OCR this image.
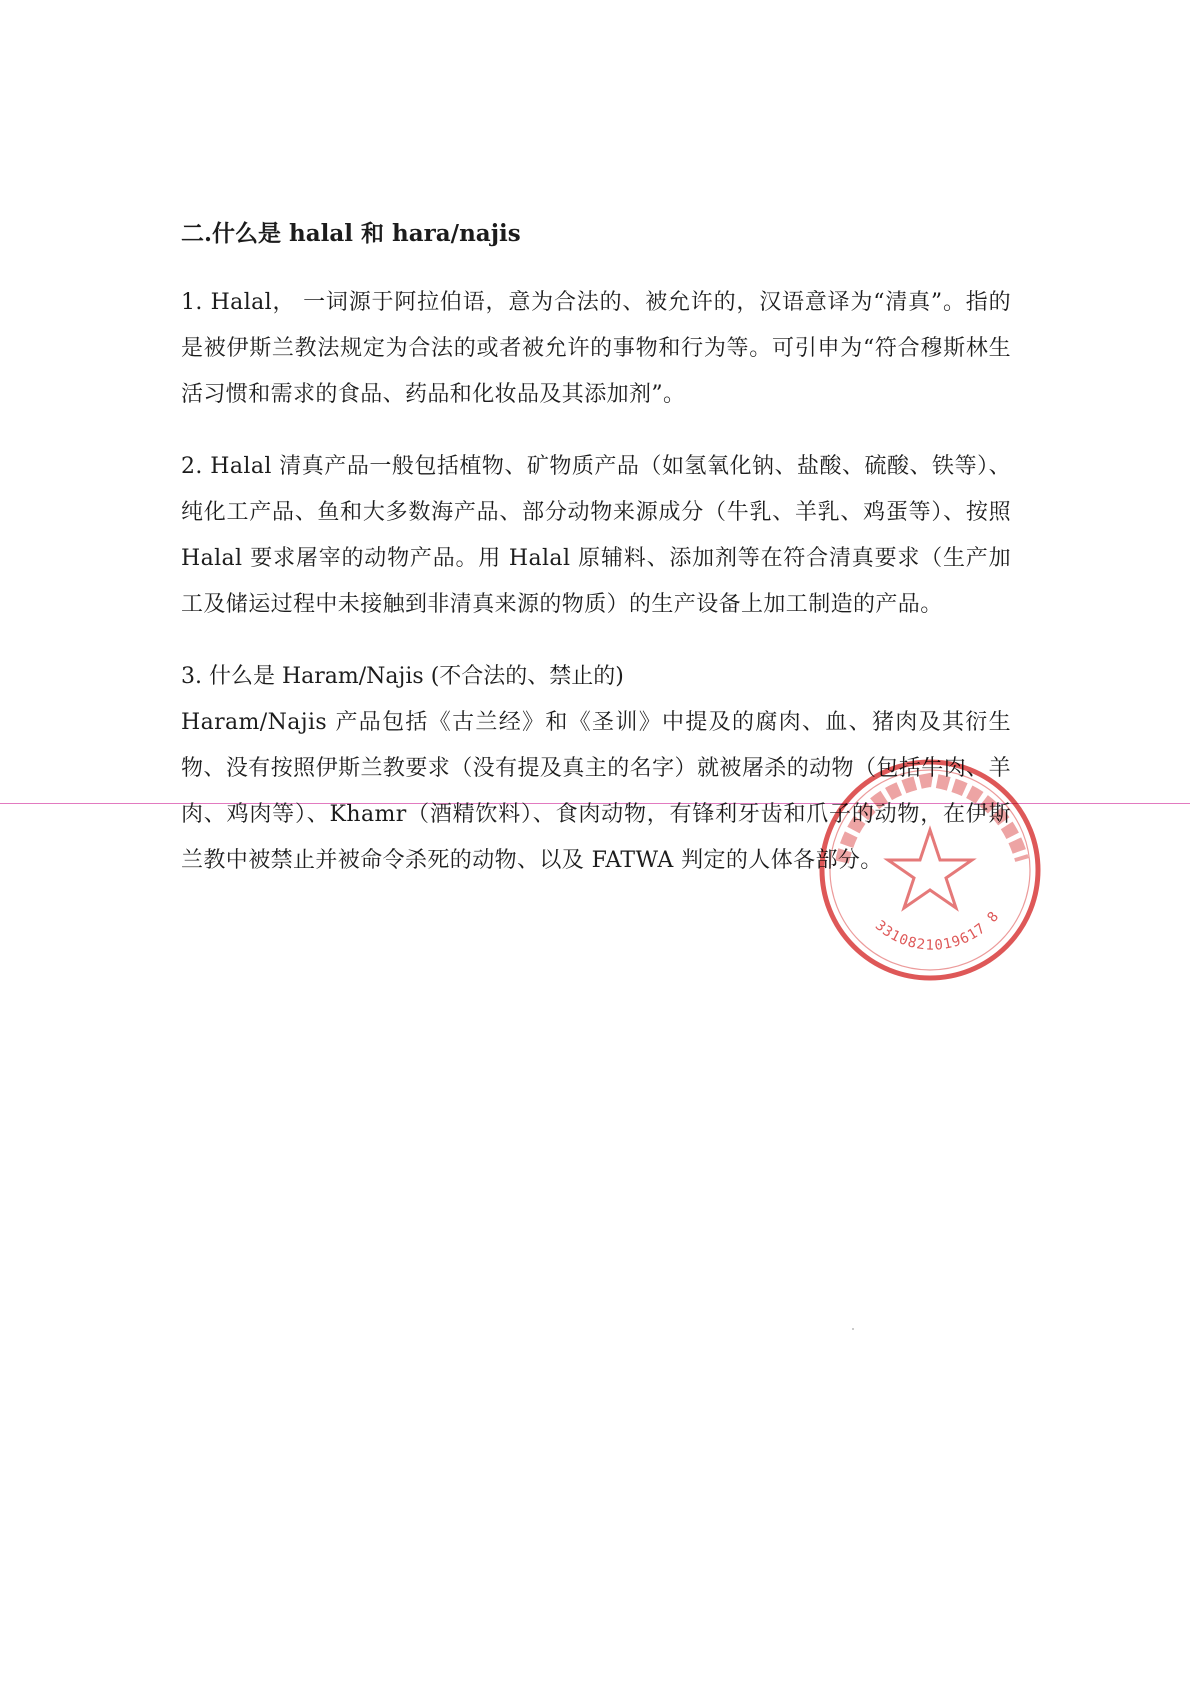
二.什么是 halal 和 hara/najis

1. Halal， 一词源于阿拉伯语，意为合法的、被允许的，汉语意译为“清真”。指的是被伊斯兰教法规定为合法的或者被允许的事物和行为等。可引申为“符合穆斯林生活习惯和需求的食品、药品和化妆品及其添加剂”。

2. Halal 清真产品一般包括植物、矿物质产品（如氢氧化钠、盐酸、硫酸、铁等）、纯化工产品、鱼和大多数海产品、部分动物来源成分（牛乳、羊乳、鸡蛋等）、按照 Halal 要求屠宰的动物产品。用 Halal 原辅料、添加剂等在符合清真要求（生产加工及储运过程中未接触到非清真来源的物质）的生产设备上加工制造的产品。

3. 什么是 Haram/Najis (不合法的、禁止的)

Haram/Najis 产品包括《古兰经》和《圣训》中提及的腐肉、血、猪肉及其衍生物、没有按照伊斯兰教要求（没有提及真主的名字）就被屠杀的动物（包括牛肉、羊肉、鸡肉等）、Khamr（酒精饮料）、食肉动物，有锋利牙齿和爪子的动物，在伊斯兰教中被禁止并被命令杀死的动物、以及 FATWA 判定的人体各部分。

3310821019617 8
